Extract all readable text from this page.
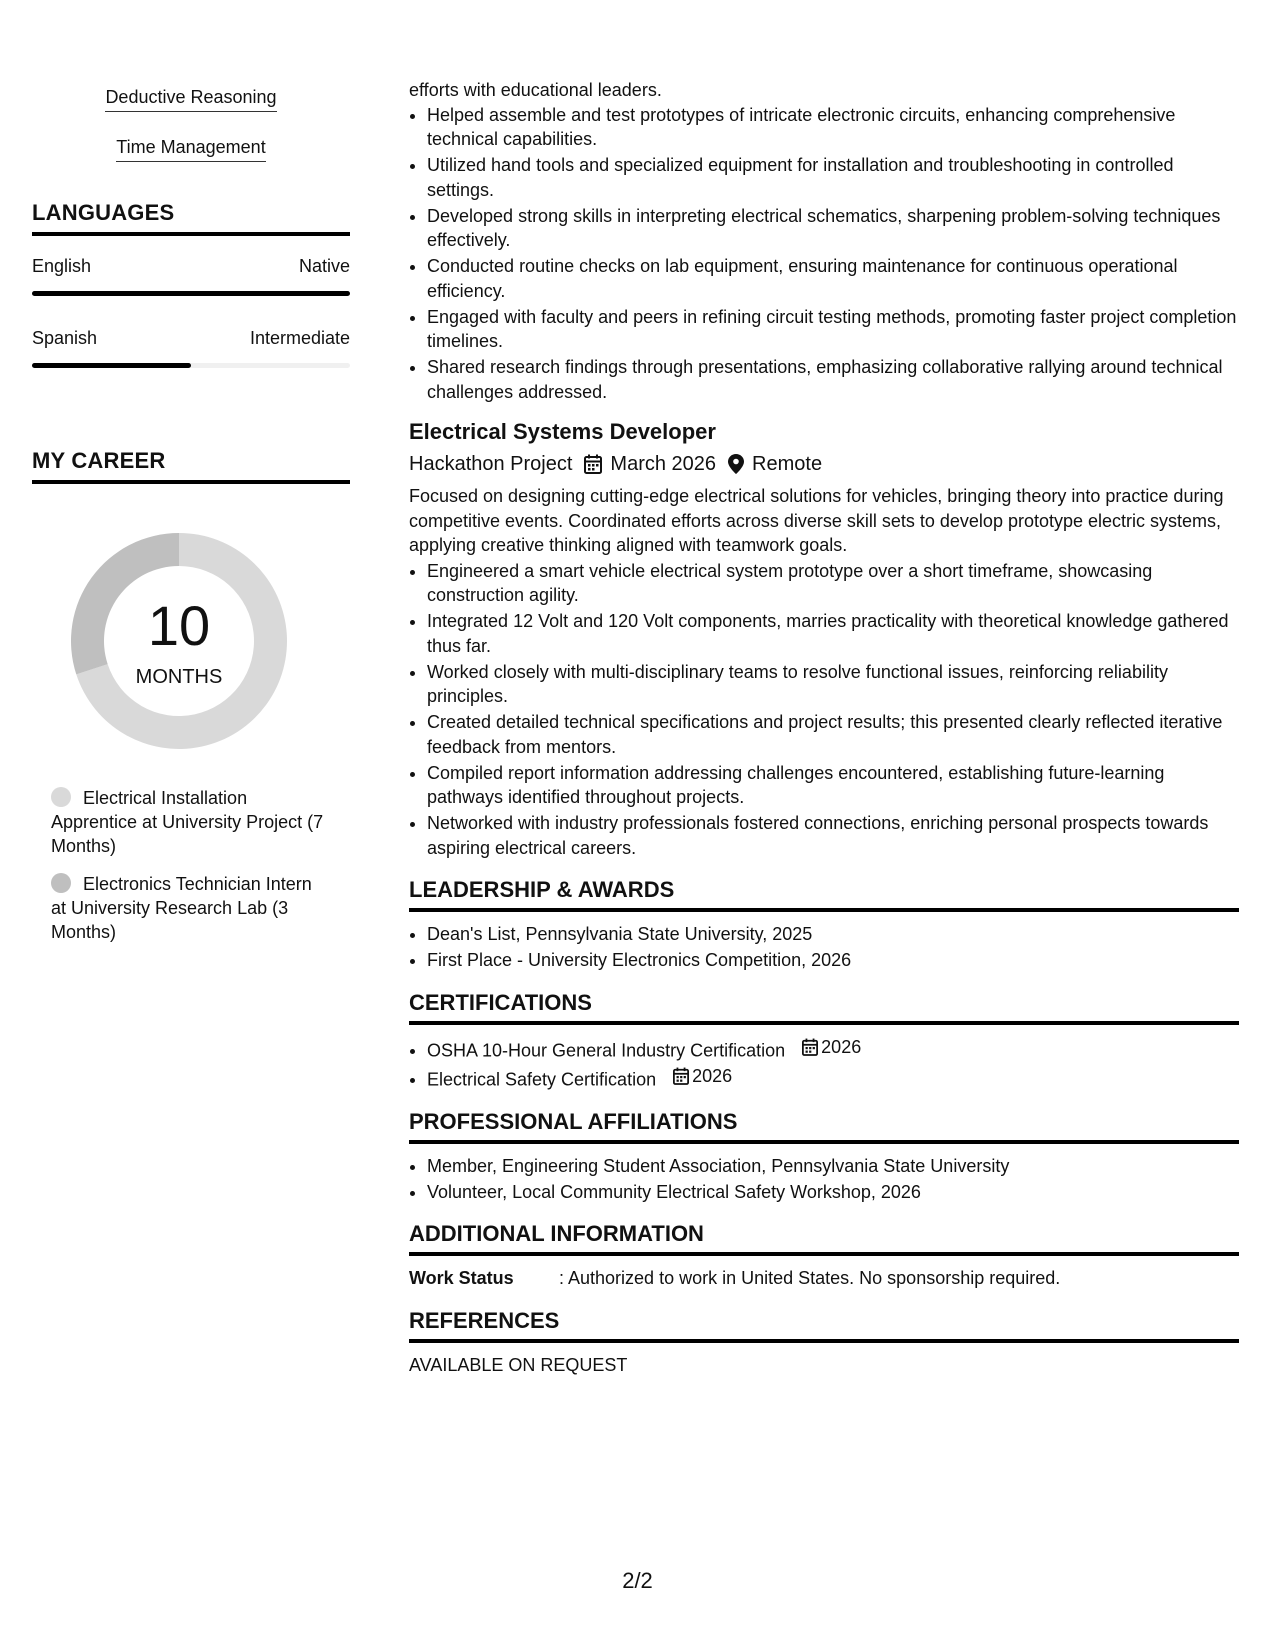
Deductive Reasoning
Time Management
LANGUAGES
English	Native
Spanish	Intermediate
MY CAREER
10
MONTHS
Electrical Installation Apprentice at University Project (7 Months)
Electronics Technician Intern at University Research Lab (3 Months)

efforts with educational leaders.

• Helped assemble and test prototypes of intricate electronic circuits, enhancing comprehensive technical capabilities.
• Utilized hand tools and specialized equipment for installation and troubleshooting in controlled settings.
• Developed strong skills in interpreting electrical schematics, sharpening problem-solving techniques effectively.
• Conducted routine checks on lab equipment, ensuring maintenance for continuous operational efficiency.
• Engaged with faculty and peers in refining circuit testing methods, promoting faster project completion timelines.
• Shared research findings through presentations, emphasizing collaborative rallying around technical challenges addressed.
Electrical Systems Developer
Hackathon Project March 2026 Remote

Focused on designing cutting-edge electrical solutions for vehicles, bringing theory into practice during competitive events. Coordinated efforts across diverse skill sets to develop prototype electric systems, applying creative thinking aligned with teamwork goals.

• Engineered a smart vehicle electrical system prototype over a short timeframe, showcasing construction agility.
• Integrated 12 Volt and 120 Volt components, marries practicality with theoretical knowledge gathered thus far.
• Worked closely with multi-disciplinary teams to resolve functional issues, reinforcing reliability principles.
• Created detailed technical specifications and project results; this presented clearly reflected iterative feedback from mentors.
• Compiled report information addressing challenges encountered, establishing future-learning pathways identified throughout projects.
• Networked with industry professionals fostered connections, enriching personal prospects towards aspiring electrical careers.
LEADERSHIP & AWARDS
• Dean's List, Pennsylvania State University, 2025
• First Place - University Electronics Competition, 2026
CERTIFICATIONS
• OSHA 10-Hour General Industry Certification 2026
• Electrical Safety Certification 2026
PROFESSIONAL AFFILIATIONS
• Member, Engineering Student Association, Pennsylvania State University
• Volunteer, Local Community Electrical Safety Workshop, 2026
ADDITIONAL INFORMATION
Work Status	: Authorized to work in United States. No sponsorship required.
REFERENCES
AVAILABLE ON REQUEST
2/2
